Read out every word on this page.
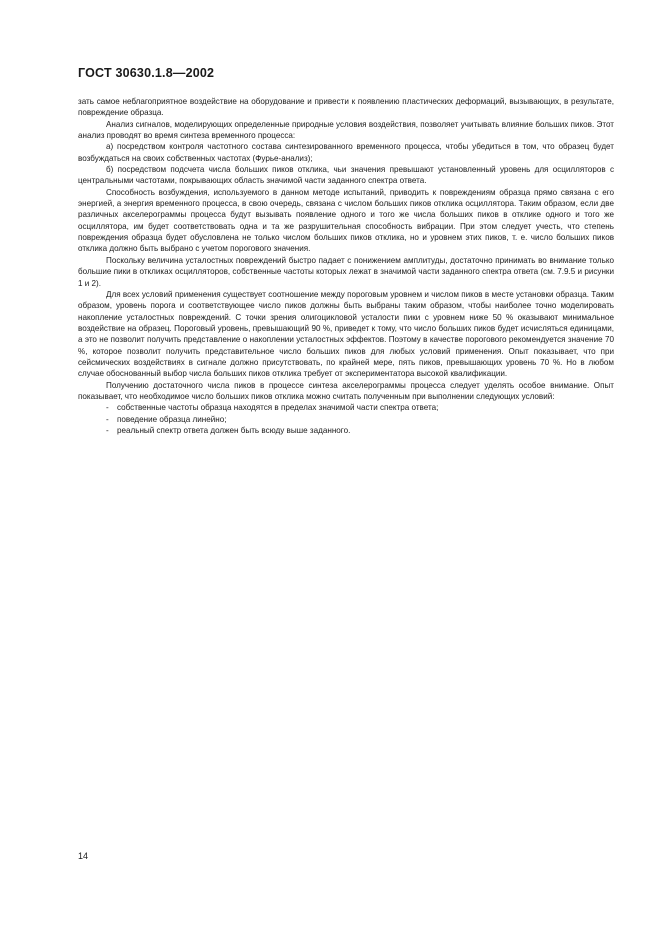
ГОСТ 30630.1.8—2002

зать самое неблагоприятное воздействие на оборудование и привести к появлению пластических деформаций, вызывающих, в результате, повреждение образца.

Анализ сигналов, моделирующих определенные природные условия воздействия, позволяет учитывать влияние больших пиков. Этот анализ проводят во время синтеза временного процесса:

а) посредством контроля частотного состава синтезированного временного процесса, чтобы убедиться в том, что образец будет возбуждаться на своих собственных частотах (Фурье-анализ);

б) посредством подсчета числа больших пиков отклика, чьи значения превышают установленный уровень для осцилляторов с центральными частотами, покрывающих область значимой части заданного спектра ответа.

Способность возбуждения, используемого в данном методе испытаний, приводить к повреждениям образца прямо связана с его энергией, а энергия временного процесса, в свою очередь, связана с числом больших пиков отклика осциллятора. Таким образом, если две различных акселерограммы процесса будут вызывать появление одного и того же числа больших пиков в отклике одного и того же осциллятора, им будет соответствовать одна и та же разрушительная способность вибрации. При этом следует учесть, что степень повреждения образца будет обусловлена не только числом больших пиков отклика, но и уровнем этих пиков, т. е. число больших пиков отклика должно быть выбрано с учетом порогового значения.

Поскольку величина усталостных повреждений быстро падает с понижением амплитуды, достаточно принимать во внимание только большие пики в откликах осцилляторов, собственные частоты которых лежат в значимой части заданного спектра ответа (см. 7.9.5 и рисунки 1 и 2).

Для всех условий применения существует соотношение между пороговым уровнем и числом пиков в месте установки образца. Таким образом, уровень порога и соответствующее число пиков должны быть выбраны таким образом, чтобы наиболее точно моделировать накопление усталостных повреждений. С точки зрения олигоцикловой усталости пики с уровнем ниже 50 % оказывают минимальное воздействие на образец. Пороговый уровень, превышающий 90 %, приведет к тому, что число больших пиков будет исчисляться единицами, а это не позволит получить представление о накоплении усталостных эффектов. Поэтому в качестве порогового рекомендуется значение 70 %, которое позволит получить представительное число больших пиков для любых условий применения. Опыт показывает, что при сейсмических воздействиях в сигнале должно присутствовать, по крайней мере, пять пиков, превышающих уровень 70 %. Но в любом случае обоснованный выбор числа больших пиков отклика требует от экспериментатора высокой квалификации.

Получению достаточного числа пиков в процессе синтеза акселерограммы процесса следует уделять особое внимание. Опыт показывает, что необходимое число больших пиков отклика можно считать полученным при выполнении следующих условий:

- собственные частоты образца находятся в пределах значимой части спектра ответа;
- поведение образца линейно;
- реальный спектр ответа должен быть всюду выше заданного.
14
